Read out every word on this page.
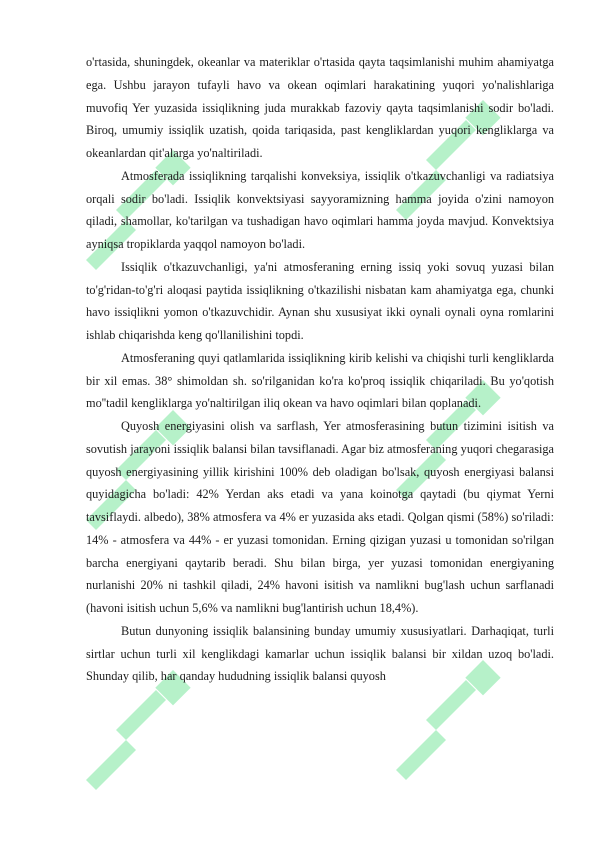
o'rtasida, shuningdek, okeanlar va materiklar o'rtasida qayta taqsimlanishi muhim ahamiyatga ega. Ushbu jarayon tufayli havo va okean oqimlari harakatining yuqori yo'nalishlariga muvofiq Yer yuzasida issiqlikning juda murakkab fazoviy qayta taqsimlanishi sodir bo'ladi. Biroq, umumiy issiqlik uzatish, qoida tariqasida, past kengliklardan yuqori kengliklarga va okeanlardan qit'alarga yo'naltiriladi.

Atmosferada issiqlikning tarqalishi konveksiya, issiqlik o'tkazuvchanligi va radiatsiya orqali sodir bo'ladi. Issiqlik konvektsiyasi sayyoramizning hamma joyida o'zini namoyon qiladi, shamollar, ko'tarilgan va tushadigan havo oqimlari hamma joyda mavjud. Konvektsiya ayniqsa tropiklarda yaqqol namoyon bo'ladi.

Issiqlik o'tkazuvchanligi, ya'ni atmosferaning erning issiq yoki sovuq yuzasi bilan to'g'ridan-to'g'ri aloqasi paytida issiqlikning o'tkazilishi nisbatan kam ahamiyatga ega, chunki havo issiqlikni yomon o'tkazuvchidir. Aynan shu xususiyat ikki oynali oynali oyna romlarini ishlab chiqarishda keng qo'llanilishini topdi.

Atmosferaning quyi qatlamlarida issiqlikning kirib kelishi va chiqishi turli kengliklarda bir xil emas. 38° shimoldan sh. so'rilganidan ko'ra ko'proq issiqlik chiqariladi. Bu yo'qotish mo''tadil kengliklarga yo'naltirilgan iliq okean va havo oqimlari bilan qoplanadi.

Quyosh energiyasini olish va sarflash, Yer atmosferasining butun tizimini isitish va sovutish jarayoni issiqlik balansi bilan tavsiflanadi. Agar biz atmosferaning yuqori chegarasiga quyosh energiyasining yillik kirishini 100% deb oladigan bo'lsak, quyosh energiyasi balansi quyidagicha bo'ladi: 42% Yerdan aks etadi va yana koinotga qaytadi (bu qiymat Yerni tavsiflaydi. albedo), 38% atmosfera va 4% er yuzasida aks etadi. Qolgan qismi (58%) so'riladi: 14% - atmosfera va 44% - er yuzasi tomonidan. Erning qizigan yuzasi u tomonidan so'rilgan barcha energiyani qaytarib beradi. Shu bilan birga, yer yuzasi tomonidan energiyaning nurlanishi 20% ni tashkil qiladi, 24% havoni isitish va namlikni bug'lash uchun sarflanadi (havoni isitish uchun 5,6% va namlikni bug'lantirish uchun 18,4%).

Butun dunyoning issiqlik balansining bunday umumiy xususiyatlari. Darhaqiqat, turli sirtlar uchun turli xil kenglikdagi kamarlar uchun issiqlik balansi bir xildan uzoq bo'ladi. Shunday qilib, har qanday hududning issiqlik balansi quyosh
